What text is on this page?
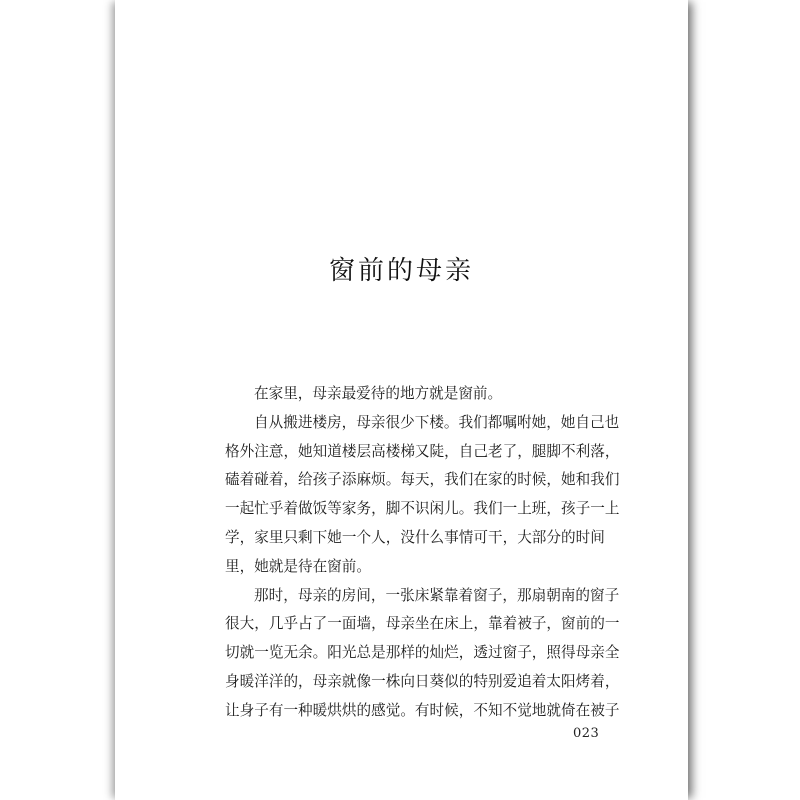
窗前的母亲
在家里，母亲最爱待的地方就是窗前。
自 从 搬 进 楼 房 ， 母 亲 很 少 下 楼 。 我 们 都 嘱 咐 她 ， 她 自 己 也
格 外 注 意 ， 她 知 道 楼 层 高 楼 梯 又 陡 ， 自 己 老 了 ， 腿 脚 不 利 落 ，
磕 着 碰 着 ， 给 孩 子 添 麻 烦 。 每 天 ， 我 们 在 家 的 时 候 ， 她 和 我 们
一 起 忙 乎 着 做 饭 等 家 务 ， 脚 不 识 闲 儿 。 我 们 一 上 班 ， 孩 子 一 上
学 ， 家 里 只 剩 下 她 一 个 人 ， 没 什 么 事 情 可 干 ， 大 部 分 的 时 间
里，她就是待在窗前。
那 时 ， 母 亲 的 房 间 ， 一 张 床 紧 靠 着 窗 子 ， 那 扇 朝 南 的 窗 子
很 大 ， 几 乎 占 了 一 面 墙 ， 母 亲 坐 在 床 上 ， 靠 着 被 子 ， 窗 前 的 一
切 就 一 览 无 余 。 阳 光 总 是 那 样 的 灿 烂 ， 透 过 窗 子 ， 照 得 母 亲 全
身 暖 洋 洋 的 ， 母 亲 就 像 一 株 向 日 葵 似 的 特 别 爱 追 着 太 阳 烤 着 ，
让 身 子 有 一 种 暖 烘 烘 的 感 觉 。 有 时 候 ， 不 知 不 觉 地 就 倚 在 被 子
023
